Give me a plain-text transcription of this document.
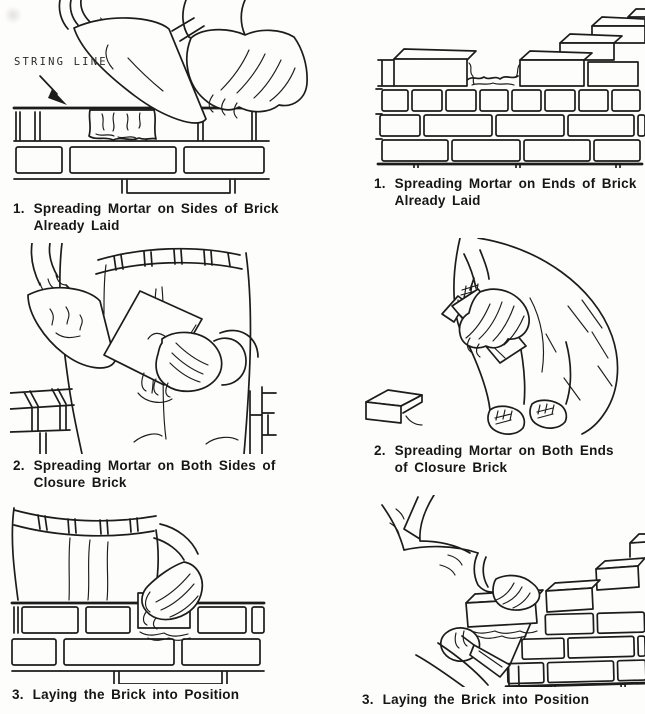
STRING LINE
1. Spreading Mortar on Sides of Brick
Already Laid
1. Spreading Mortar on Ends of Brick
Already Laid
2. Spreading Mortar on Both Sides of
Closure Brick
2. Spreading Mortar on Both Ends
of Closure Brick
3. Laying the Brick into Position	3. Laying the Brick into Position
